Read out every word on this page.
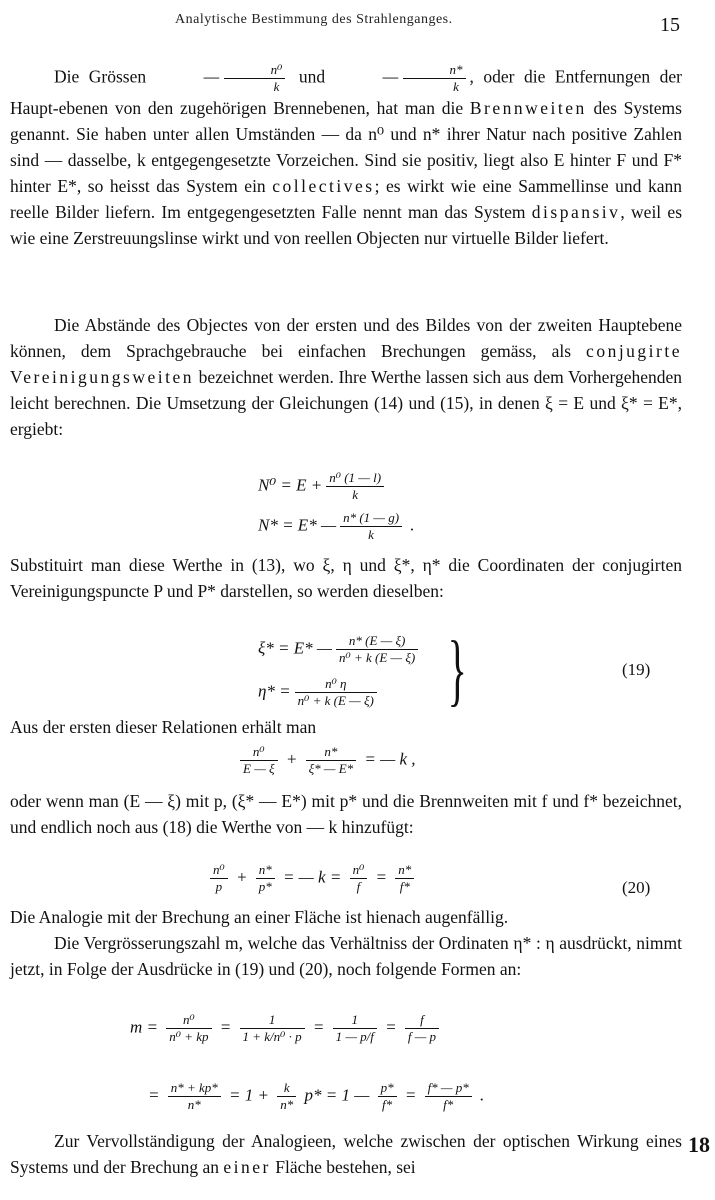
Analytische Bestimmung des Strahlenganges.	15
Die Grössen	— $\frac{\text{n⁰}}{k}$ und	— $\frac{n*}{k}$ , oder die Entfernungen der Haupt-ebenen von den zugehörigen Brennebenen, hat man die Brennweiten des Systems genannt. Sie haben unter allen Umständen — da n⁰ und n* ihrer Natur nach positive Zahlen sind — dasselbe, k entgegengesetzte Vorzeichen. Sind sie positiv, liegt also E hinter F und F* hinter E*, so heisst das System ein collectives; es wirkt wie eine Sammellinse und kann reelle Bilder liefern. Im entgegengesetzten Falle nennt man das System dispansiv, weil es wie eine Zerstreuungslinse wirkt und von reellen Objecten nur virtuelle Bilder liefert.
Die Abstände des Objectes von der ersten und des Bildes von der zweiten Hauptebene können, dem Sprachgebrauche bei einfachen Brechungen gemäss, als conjugirte Vereinigungsweiten bezeichnet werden. Ihre Werthe lassen sich aus dem Vorhergehenden leicht berechnen. Die Umsetzung der Gleichungen (14) und (15), in denen ξ = E und ξ* = E*, ergiebt:
$N^0 = E + \frac{\text{n⁰ (1 — l)}}{k}$
N* = E* — $\frac{n* (1 — g)}{k}$ .
Substituirt man diese Werthe in (13), wo ξ, η und ξ*, η* die Coordinaten der conjugirten Vereinigungspuncte P und P* darstellen, so werden dieselben:
ξ* = E* — $\frac{n* (E — \xi)}{\text{n⁰ + k (E — ξ)}}$
$\eta* = \frac{\text{n⁰ η}}{\text{n⁰ + k (E — ξ)}}$ }	(19)
Aus der ersten dieser Relationen erhält man
$\frac{\text{n⁰}}{E — \xi} + \frac{n*}{\xi* — E*}$ = — k ,
oder wenn man (E — ξ) mit p, (ξ* — E*) mit p* und die Brennweiten mit f und f* bezeichnet, und endlich noch aus (18) die Werthe von — k hinzufügt:
$\frac{\text{n⁰}}{p} + \frac{n*}{p*}$ = — $k = \frac{\text{n⁰}}{f} = \frac{n*}{f*}$	(20)
Die Analogie mit der Brechung an einer Fläche ist hienach augenfällig.
Die Vergrösserungszahl m, welche das Verhältniss der Ordinaten η* : η ausdrückt, nimmt jetzt, in Folge der Ausdrücke in (19) und (20), noch folgende Formen an:
$m = \frac{\text{n⁰}}{\text{n⁰ + kp}} = \frac{1}{\text{1 + k/n⁰ · p}} = \frac{1}{1 — p/f} = \frac{f}{f — p}$
= $\frac{n* + kp*}{n*} = 1 + \frac{k}{n*} p* = 1$ — $\frac{p*}{f*} = \frac{f* — p*}{f*}$ .
Zur Vervollständigung der Analogieen, welche zwischen der optischen Wirkung eines Systems und der Brechung an einer Fläche bestehen, sei
18
